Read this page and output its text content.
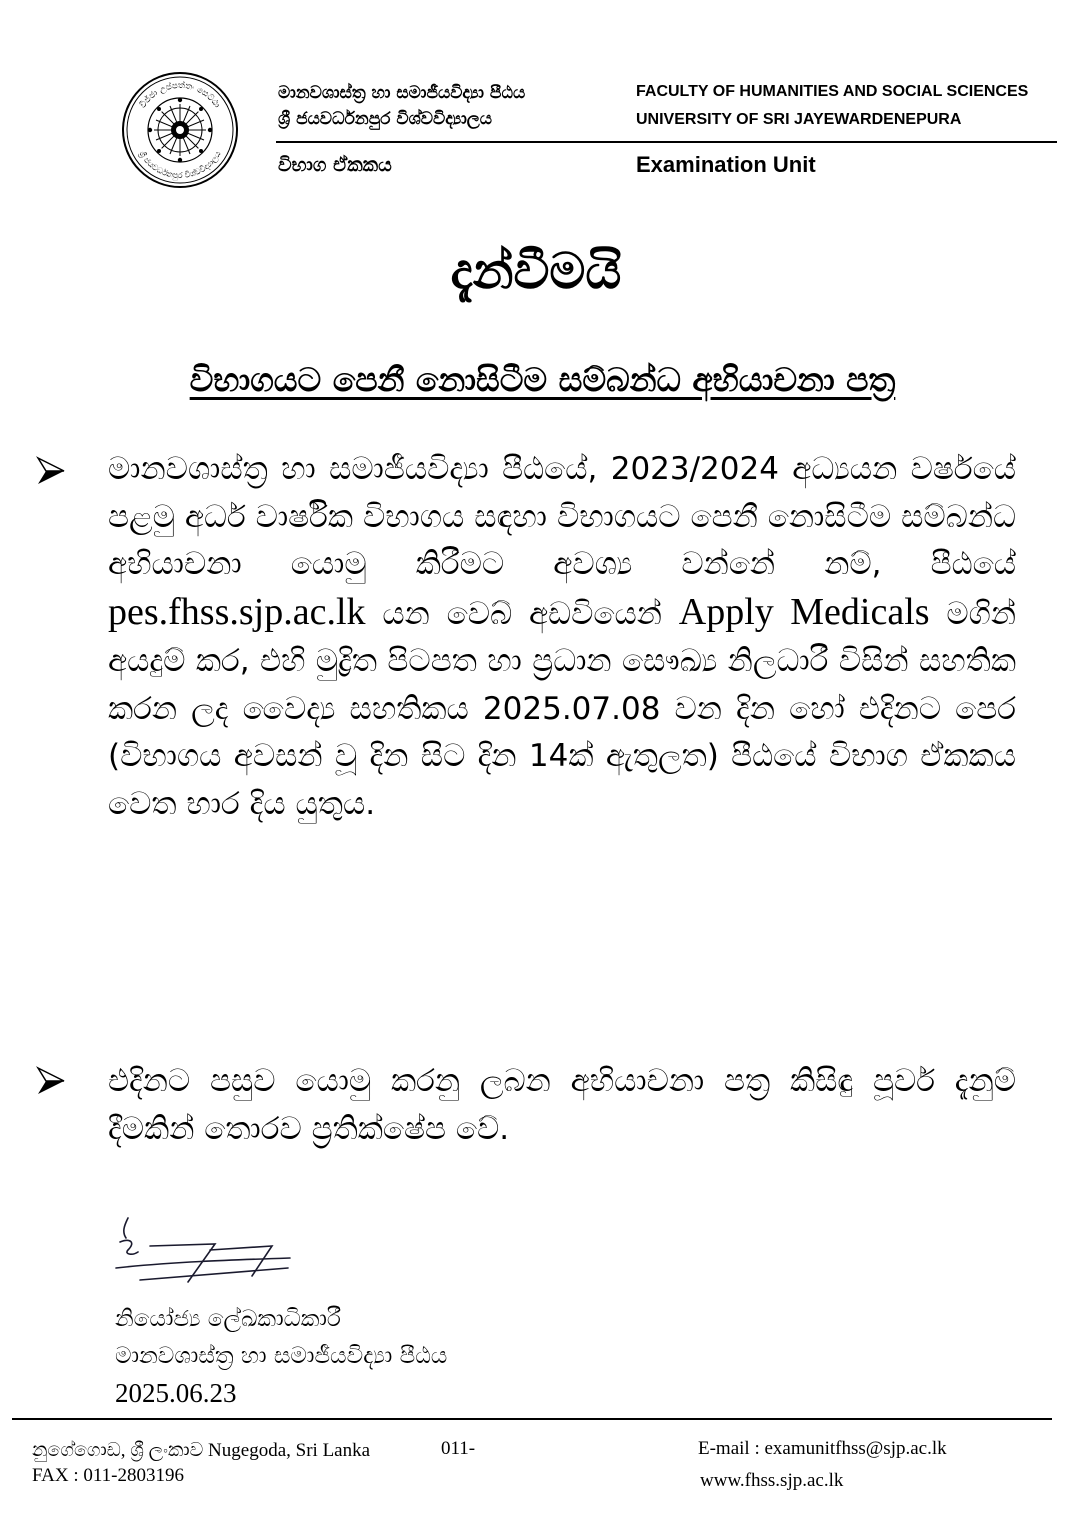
විජ්ජා උප්පත්තං සෙට්ඨා
ශ්‍රී ජයවර්ධනපුර විශ්වවිද්‍යාලය
මානවශාස්ත්‍ර හා සමාජීයවිද්‍යා පීඨය
ශ්‍රී ජයවර්ධනපුර විශ්වවිද්‍යාලය
FACULTY OF HUMANITIES AND SOCIAL SCIENCES
UNIVERSITY OF SRI JAYEWARDENEPURA
විභාග ඒකකය	Examination Unit
දැන්වීමයි
විභාගයට පෙනී නොසිටීම සම්බන්ධ අභියාචනා පත්‍ර
මානවශාස්ත්‍ර හා සමාජීයවිද්‍යා පීඨයේ, 2023/2024 අධ්‍යයන වර්ෂයේ පළමු අර්ධ වාර්ෂික විභාගය සඳහා විභාගයට පෙනී නොසිටීම සම්බන්ධ අභියාචනා යොමු කිරීමට අවශ්‍ය වන්නේ නම්, පීඨයේ pes.fhss.sjp.ac.lk යන වෙබ් අඩවියෙන් Apply Medicals මගින් අයදුම් කර, එහි මුද්‍රිත පිටපත හා ප්‍රධාන සෞඛ්‍ය නිලධාරී විසින් සහතික කරන ලද වෛද්‍ය සහතිකය 2025.07.08 වන දින හෝ එදිනට පෙර (විභාගය අවසන් වූ දින සිට දින 14ක් ඇතුලත) පීඨයේ විභාග ඒකකය වෙත භාර දිය යුතුය.
එදිනට පසුව යොමු කරනු ලබන අභියාචනා පත්‍ර කිසිඳු පූර්ව දැනුම් දීමකින් තොරව ප්‍රතික්ෂේප වේ.
නියෝජ්‍ය ලේඛකාධිකාරී
මානවශාස්ත්‍ර හා සමාජීයවිද්‍යා පීඨය
2025.06.23
නුගේගොඩ, ශ්‍රී ලංකාව Nugegoda, Sri Lanka	011-
FAX : 011-2803196
E-mail : examunitfhss@sjp.ac.lk
www.fhss.sjp.ac.lk
